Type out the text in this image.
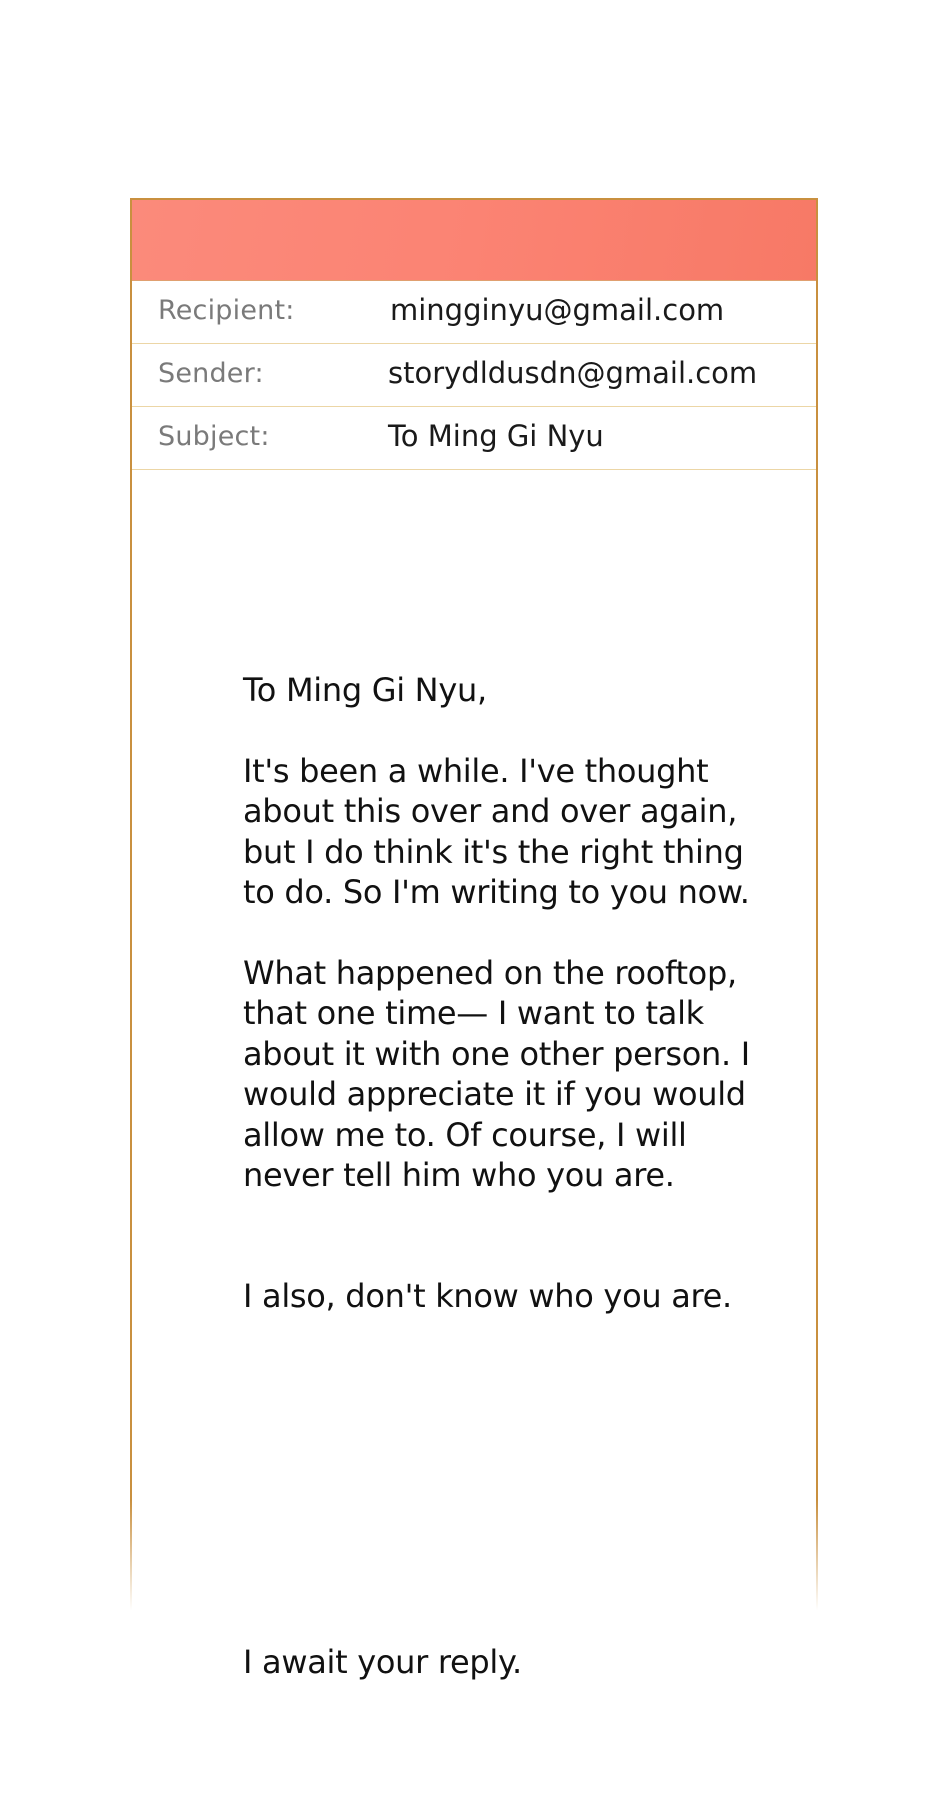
Recipient:	mingginyu@gmail.com
Sender:	storydldusdn@gmail.com
Subject:	To Ming Gi Nyu

To Ming Gi Nyu,

It's been a while. I've thought about this over and over again, but I do think it's the right thing to do. So I'm writing to you now.

What happened on the rooftop, that one time— I want to talk about it with one other person. I would appreciate it if you would allow me to. Of course, I will never tell him who you are.

I also, don't know who you are.

I await your reply.
